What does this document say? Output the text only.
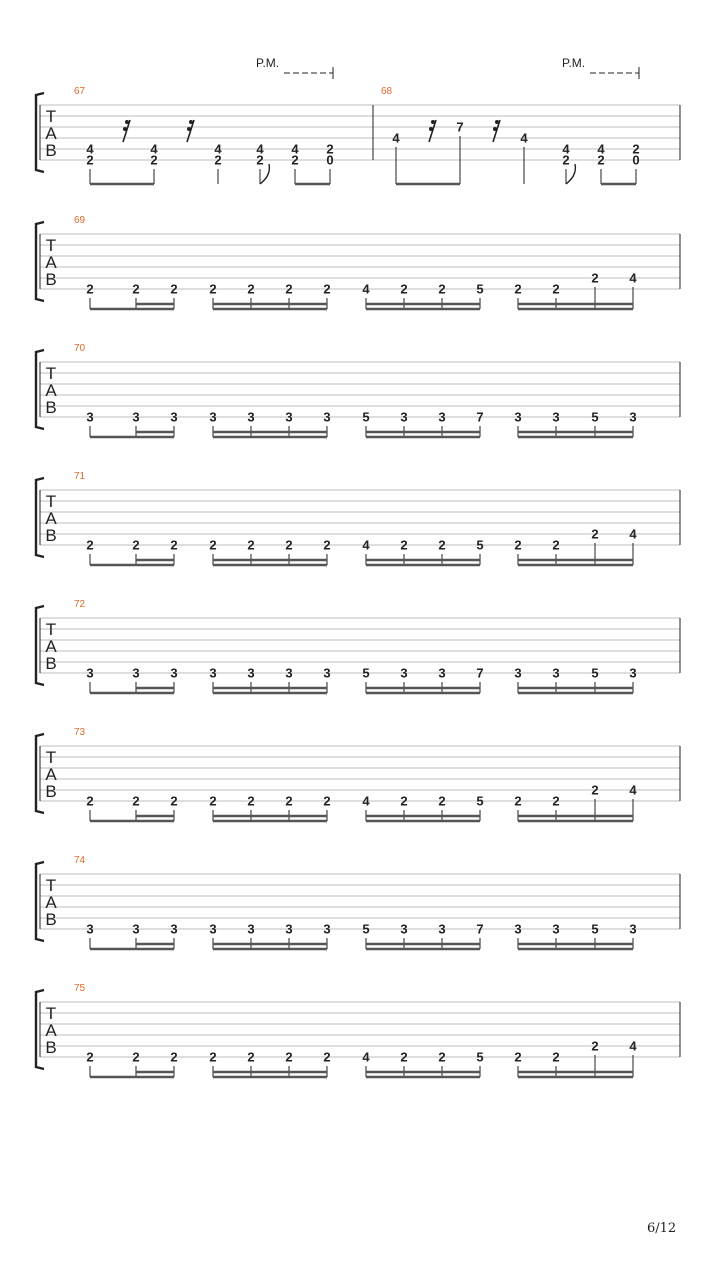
T
A
B
67
P.M.
4
2
4
2
4
2
4
2
4
2
2
0
68
P.M.
4
7
4
4
2
4
2
2
0
T
A
B
69
2	2 2 2 2 2 2 4 2 2 5 2 2
2 4
T
A
B
70
3	3 3 3 3 3 3 5 3 3 7 3 3 5 3
T
A
B
71
2	2 2 2 2 2 2 4 2 2 5 2 2
2 4
T
A
B
72
3	3 3 3 3 3 3 5 3 3 7 3 3 5 3
T
A
B
73
2	2 2 2 2 2 2 4 2 2 5 2 2
2 4
T
A
B
74
3	3 3 3 3 3 3 5 3 3 7 3 3 5 3
T
A
B
75
2	2 2 2 2 2 2 4 2 2 5 2 2
2 4
6/12
